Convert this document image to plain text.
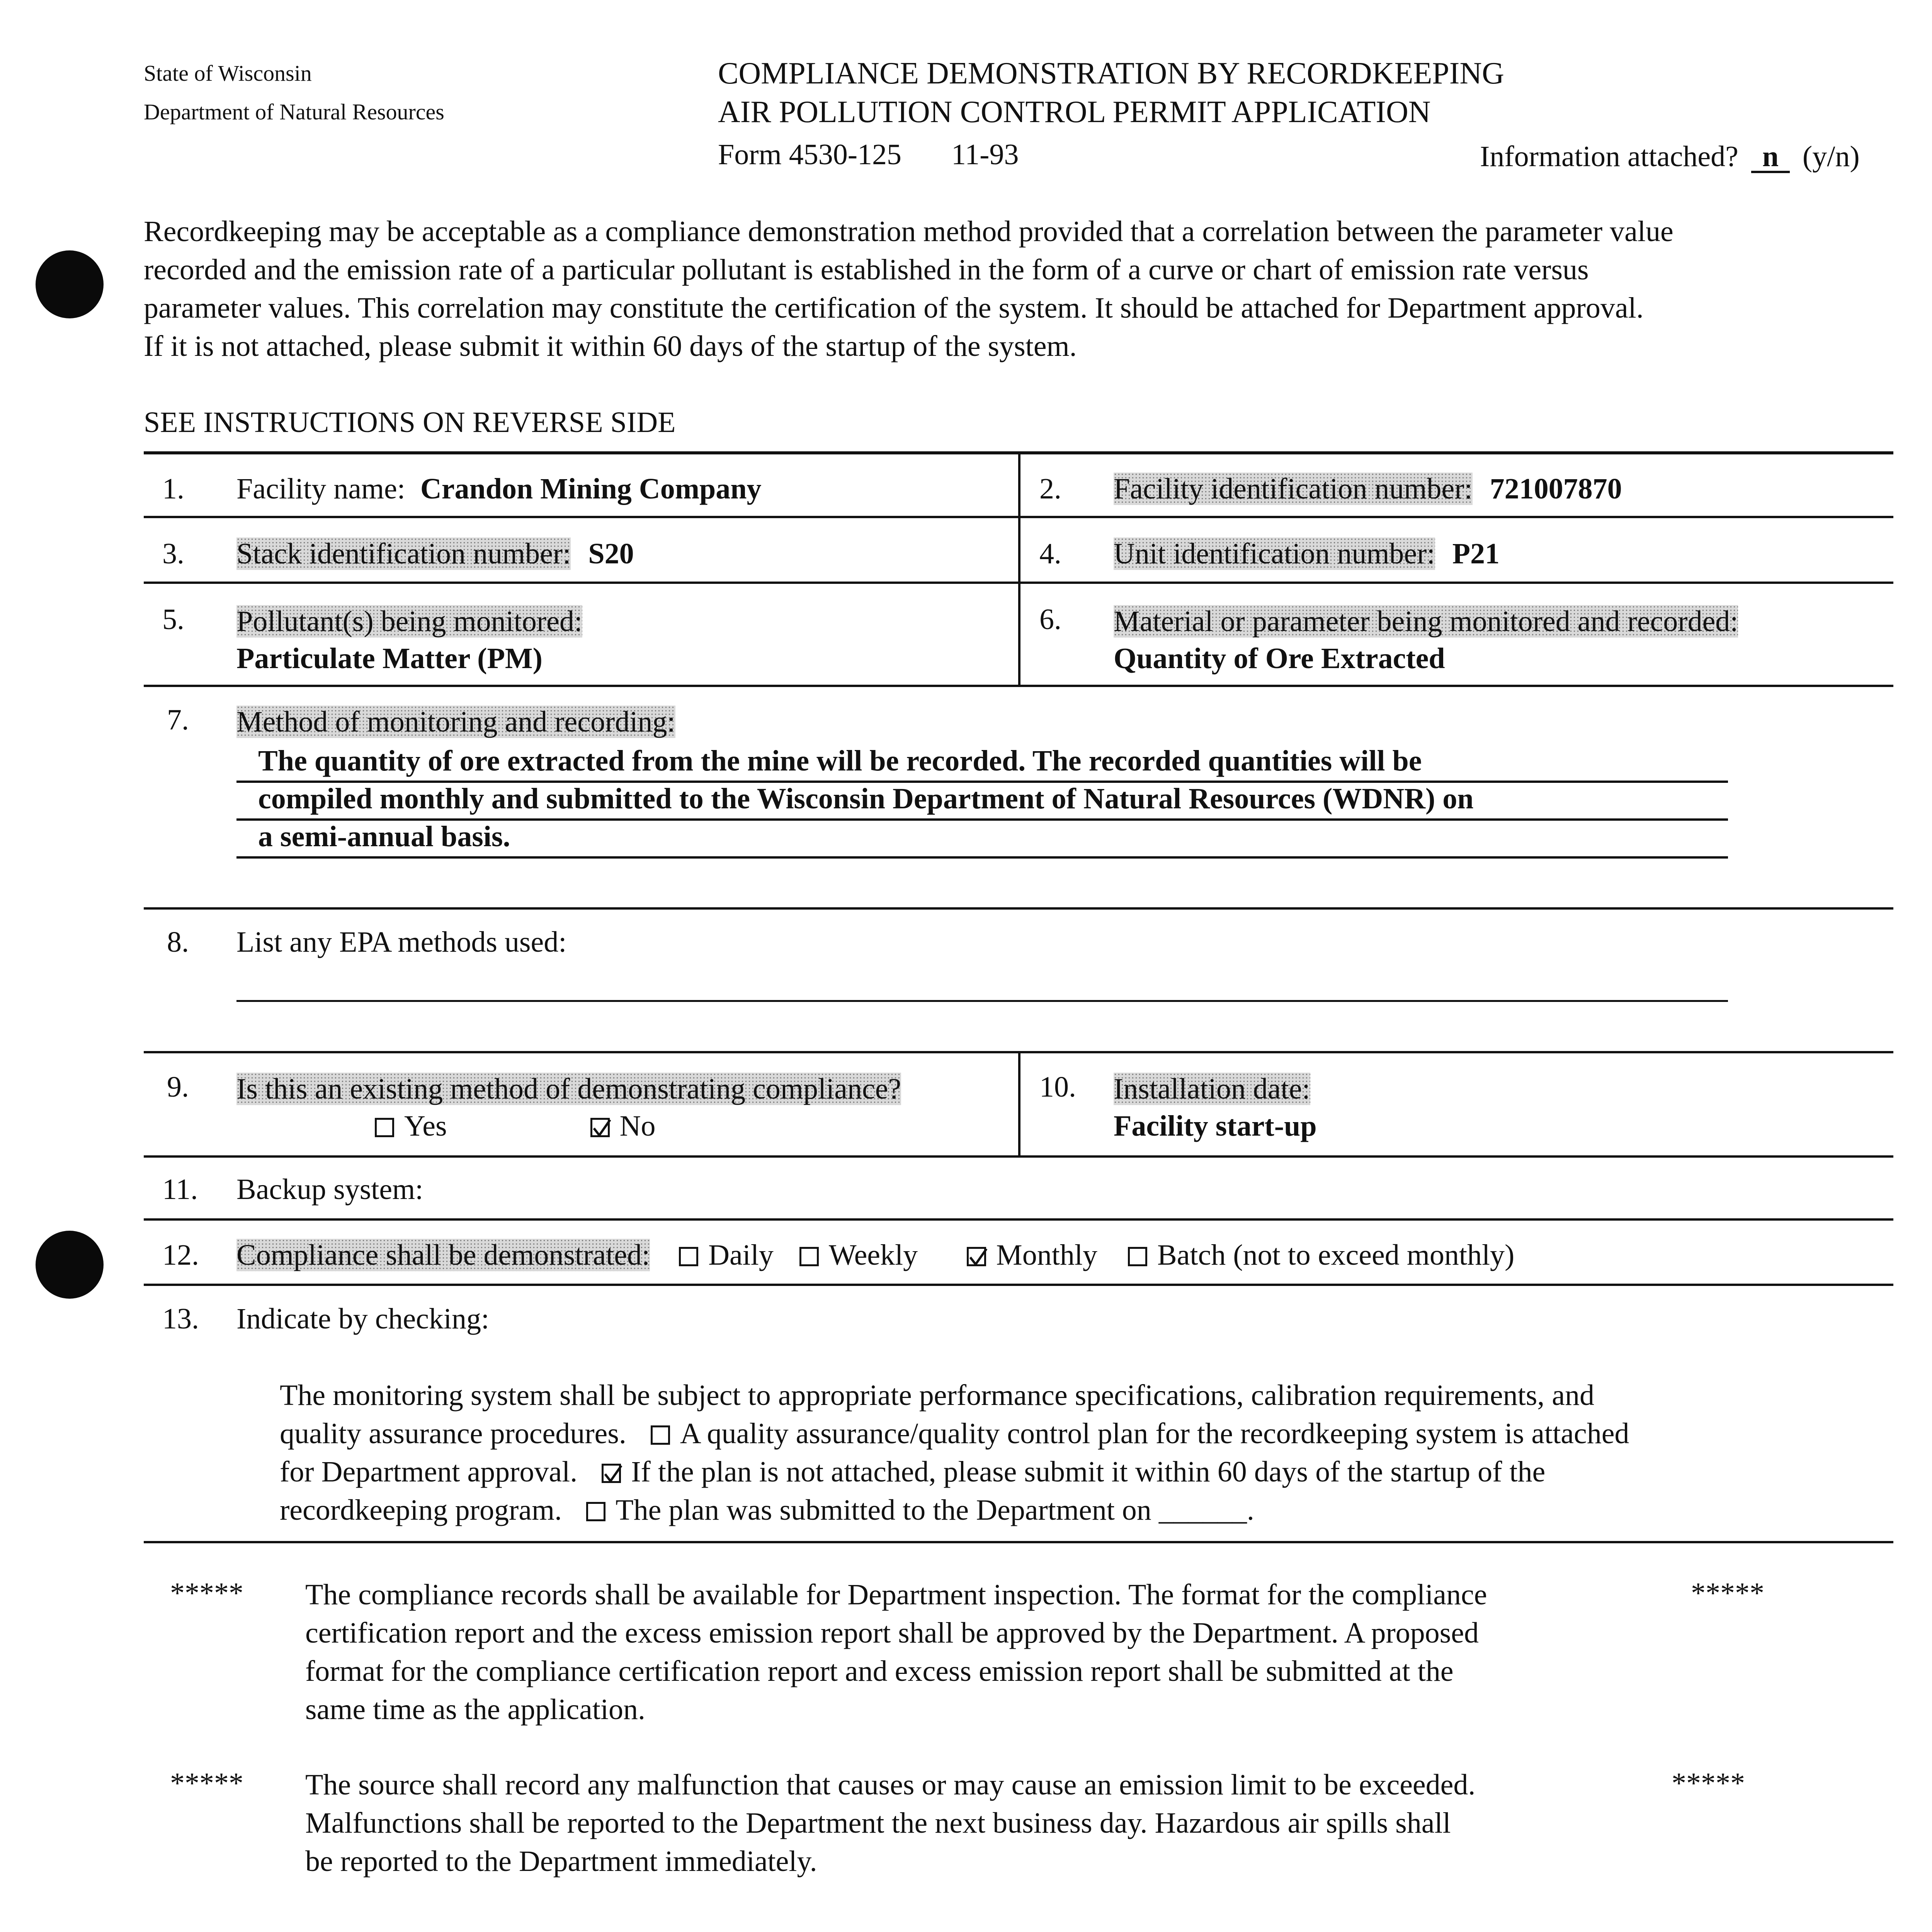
State of Wisconsin
Department of Natural Resources
COMPLIANCE DEMONSTRATION BY RECORDKEEPING
AIR POLLUTION CONTROL PERMIT APPLICATION
Form 4530-125 11-93	Information attached? n (y/n)
Recordkeeping may be acceptable as a compliance demonstration method provided that a correlation between the parameter value
recorded and the emission rate of a particular pollutant is established in the form of a curve or chart of emission rate versus
parameter values. This correlation may constitute the certification of the system. It should be attached for Department approval.
If it is not attached, please submit it within 60 days of the startup of the system.
SEE INSTRUCTIONS ON REVERSE SIDE
1. Facility name: Crandon Mining Company	2. Facility identification number: 721007870
3. Stack identification number: S20	4. Unit identification number: P21
5. Pollutant(s) being monitored:
Particulate Matter (PM)
6. Material or parameter being monitored and recorded:
Quantity of Ore Extracted
7. Method of monitoring and recording:
The quantity of ore extracted from the mine will be recorded. The recorded quantities will be
compiled monthly and submitted to the Wisconsin Department of Natural Resources (WDNR) on
a semi-annual basis.
8. List any EPA methods used:
9. Is this an existing method of demonstrating compliance?
Yes	No
10. Installation date:
Facility start-up
11. Backup system:
12. Compliance shall be demonstrated: Daily Weekly	Monthly Batch (not to exceed monthly)
13. Indicate by checking:
The monitoring system shall be subject to appropriate performance specifications, calibration requirements, and
quality assurance procedures. A quality assurance/quality control plan for the recordkeeping system is attached
for Department approval. If the plan is not attached, please submit it within 60 days of the startup of the
recordkeeping program. The plan was submitted to the Department on ______.
***** The compliance records shall be available for Department inspection. The format for the compliance
certification report and the excess emission report shall be approved by the Department. A proposed
format for the compliance certification report and excess emission report shall be submitted at the
same time as the application.
*****
***** The source shall record any malfunction that causes or may cause an emission limit to be exceeded.
Malfunctions shall be reported to the Department the next business day. Hazardous air spills shall
be reported to the Department immediately.
*****
